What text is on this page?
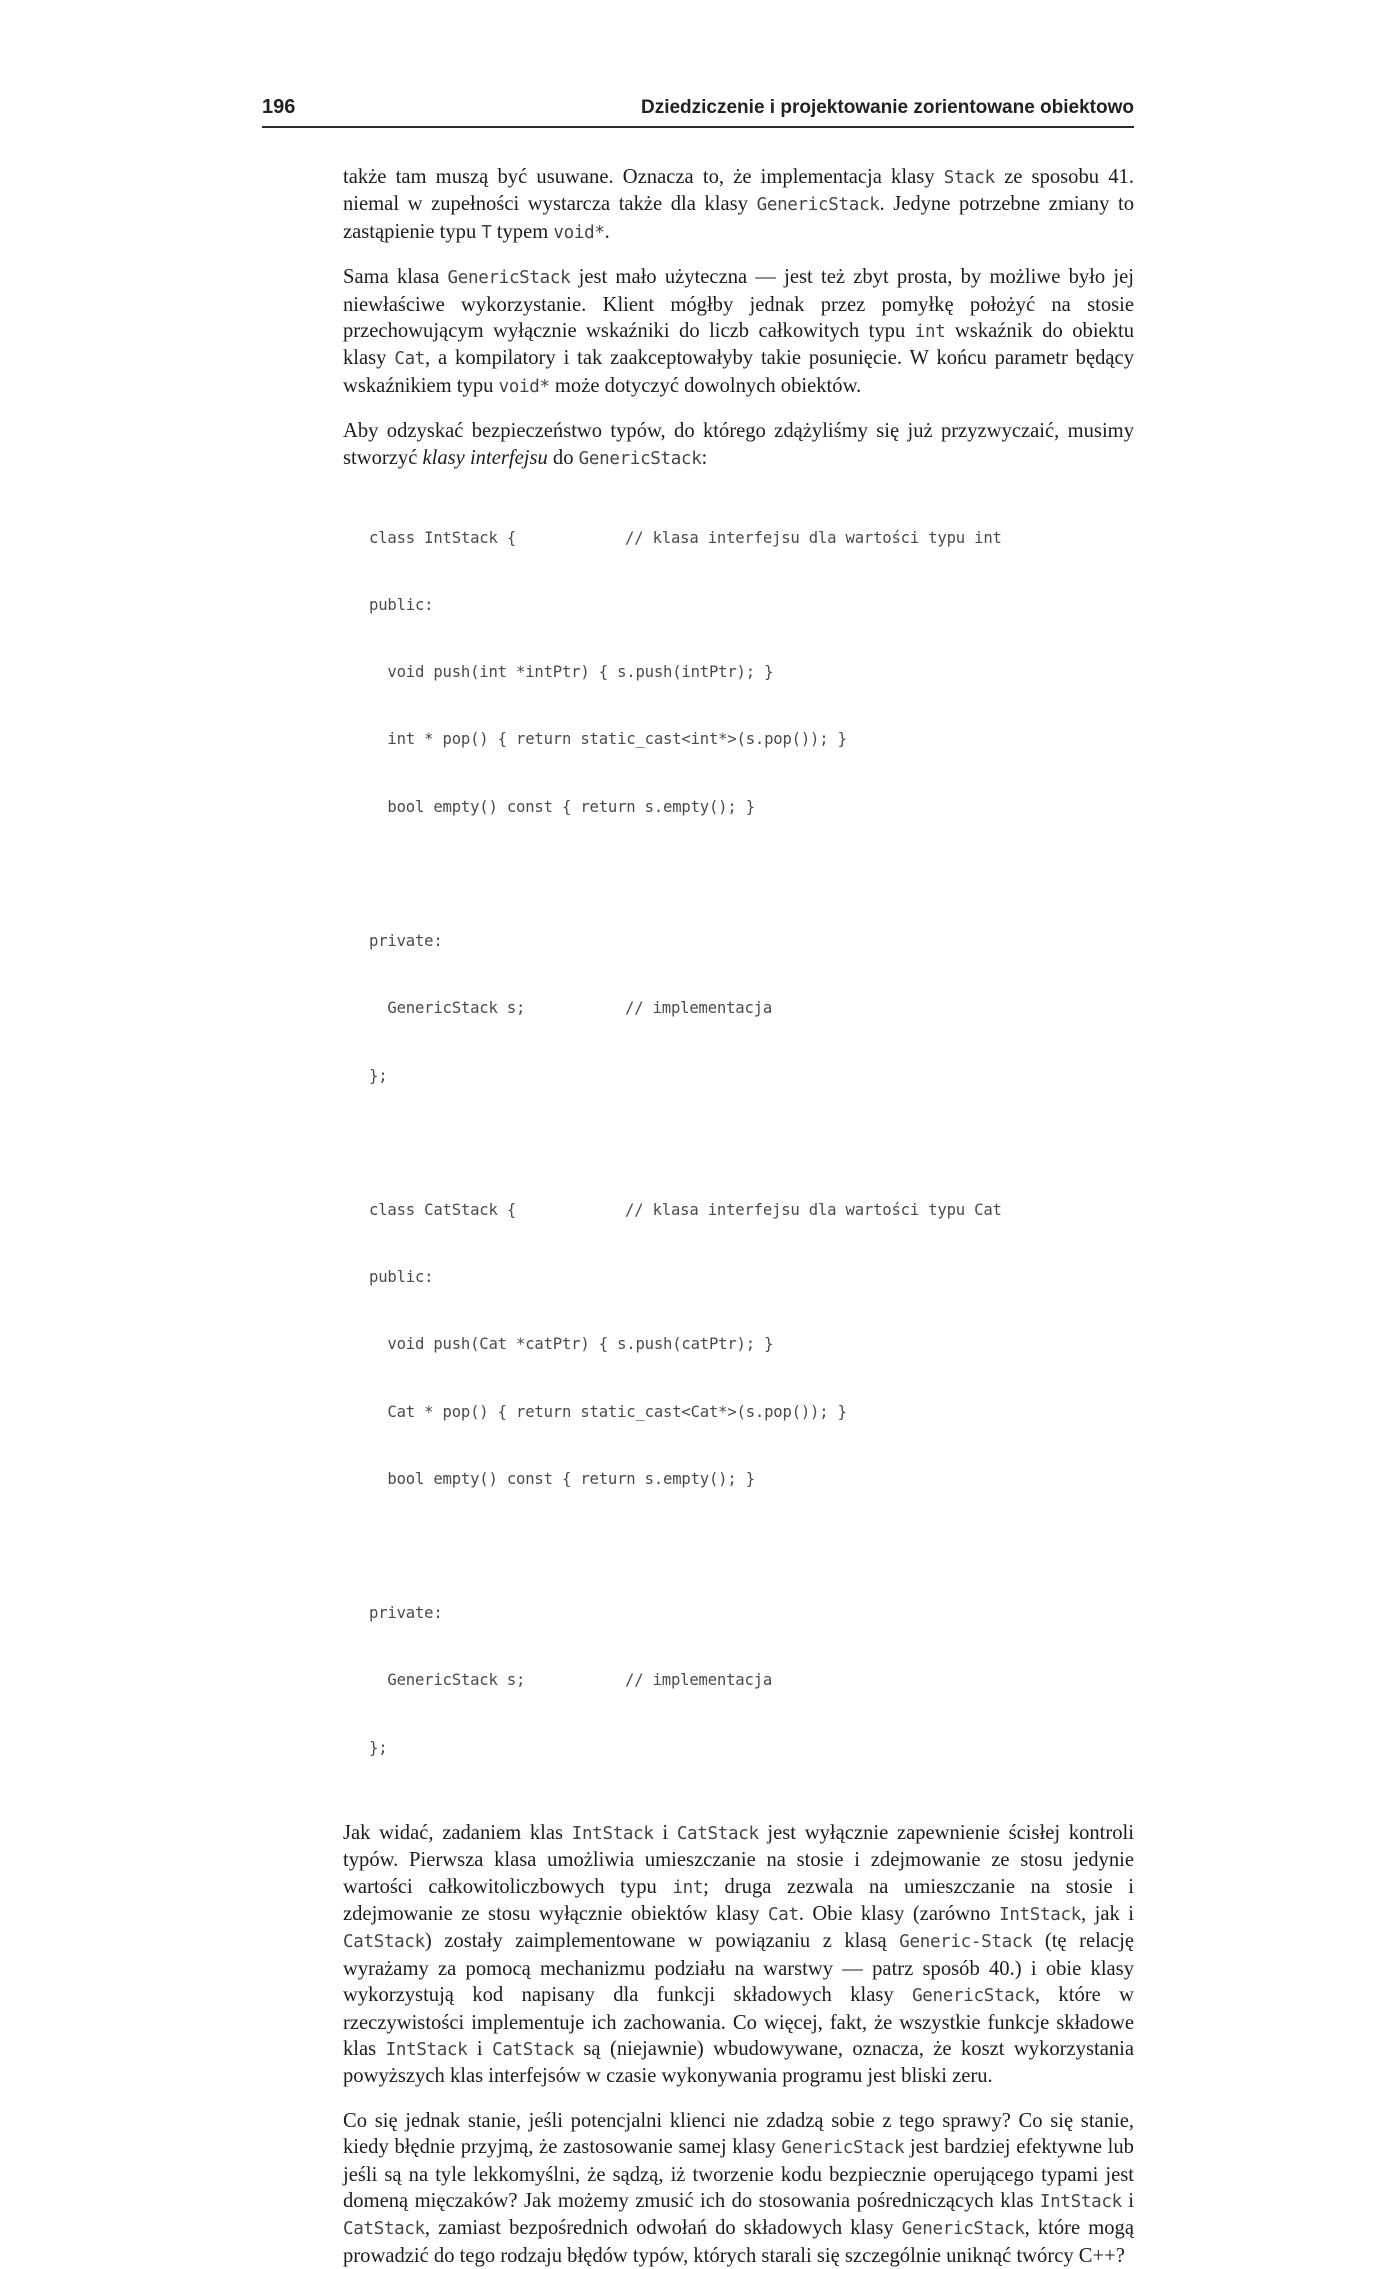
196	Dziedziczenie i projektowanie zorientowane obiektowo

także tam muszą być usuwane. Oznacza to, że implementacja klasy Stack ze sposobu 41. niemal w zupełności wystarcza także dla klasy GenericStack. Jedyne potrzebne zmiany to zastąpienie typu T typem void*.

Sama klasa GenericStack jest mało użyteczna — jest też zbyt prosta, by możliwe było jej niewłaściwe wykorzystanie. Klient mógłby jednak przez pomyłkę położyć na stosie przechowującym wyłącznie wskaźniki do liczb całkowitych typu int wskaźnik do obiektu klasy Cat, a kompilatory i tak zaakceptowałyby takie posunięcie. W końcu parametr będący wskaźnikiem typu void* może dotyczyć dowolnych obiektów.

Aby odzyskać bezpieczeństwo typów, do którego zdążyliśmy się już przyzwyczaić, musimy stworzyć klasy interfejsu do GenericStack:

class IntStack {	// klasa interfejsu dla wartości typu int

public:

void push(int *intPtr) { s.push(intPtr); }

int * pop() { return static_cast<int*>(s.pop()); }

bool empty() const { return s.empty(); }

private:

GenericStack s;	// implementacja

};

class CatStack {	// klasa interfejsu dla wartości typu Cat

public:

void push(Cat *catPtr) { s.push(catPtr); }

Cat * pop() { return static_cast<Cat*>(s.pop()); }

bool empty() const { return s.empty(); }

private:

GenericStack s;	// implementacja

};

Jak widać, zadaniem klas IntStack i CatStack jest wyłącznie zapewnienie ścisłej kontroli typów. Pierwsza klasa umożliwia umieszczanie na stosie i zdejmowanie ze stosu jedynie wartości całkowitoliczbowych typu int; druga zezwala na umieszczanie na stosie i zdejmowanie ze stosu wyłącznie obiektów klasy Cat. Obie klasy (zarówno IntStack, jak i CatStack) zostały zaimplementowane w powiązaniu z klasą Generic-Stack (tę relację wyrażamy za pomocą mechanizmu podziału na warstwy — patrz sposób 40.) i obie klasy wykorzystują kod napisany dla funkcji składowych klasy GenericStack, które w rzeczywistości implementuje ich zachowania. Co więcej, fakt, że wszystkie funkcje składowe klas IntStack i CatStack są (niejawnie) wbudowywane, oznacza, że koszt wykorzystania powyższych klas interfejsów w czasie wykonywania programu jest bliski zeru.

Co się jednak stanie, jeśli potencjalni klienci nie zdadzą sobie z tego sprawy? Co się stanie, kiedy błędnie przyjmą, że zastosowanie samej klasy GenericStack jest bardziej efektywne lub jeśli są na tyle lekkomyślni, że sądzą, iż tworzenie kodu bezpiecznie operującego typami jest domeną mięczaków? Jak możemy zmusić ich do stosowania pośredniczących klas IntStack i CatStack, zamiast bezpośrednich odwołań do składowych klasy GenericStack, które mogą prowadzić do tego rodzaju błędów typów, których starali się szczególnie uniknąć twórcy C++?
